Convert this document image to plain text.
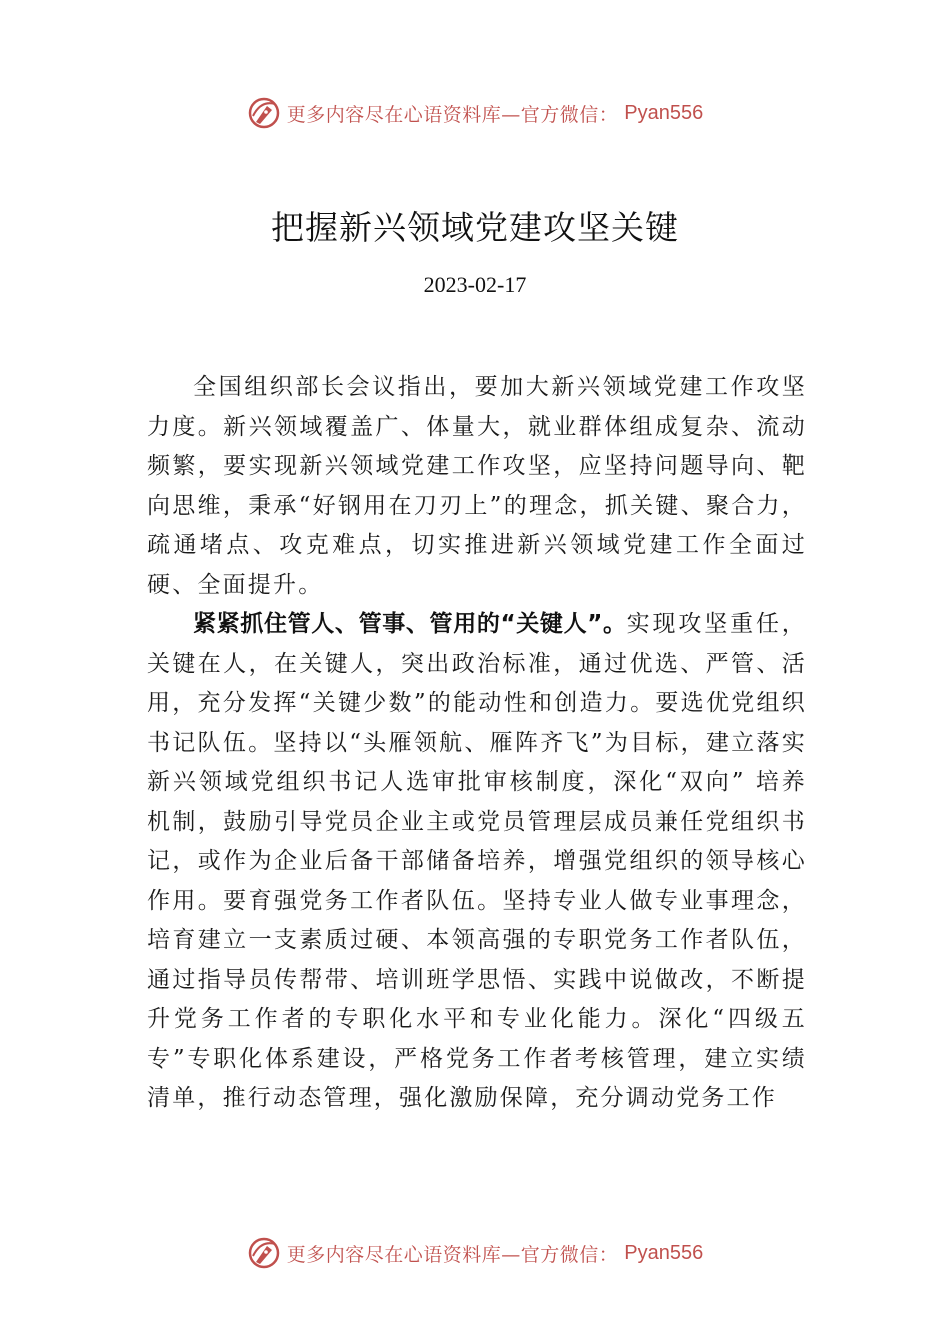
更多内容尽在心语资料库—官方微信： Pyan556
把握新兴领域党建攻坚关键
2023-02-17

全国组织部长会议指出，要加大新兴领域党建工作攻坚力度。新兴领域覆盖广、体量大，就业群体组成复杂、流动频繁，要实现新兴领域党建工作攻坚，应坚持问题导向、靶向思维，秉承“好钢用在刀刃上”的理念，抓关键、聚合力，疏通堵点、攻克难点，切实推进新兴领域党建工作全面过硬、全面提升。

紧紧抓住管人、管事、管用的“关键人”。实现攻坚重任，关键在人，在关键人，突出政治标准，通过优选、严管、活用，充分发挥“关键少数”的能动性和创造力。要选优党组织书记队伍。坚持以“头雁领航、雁阵齐飞”为目标，建立落实新兴领域党组织书记人选审批审核制度，深化“双向” 培养机制，鼓励引导党员企业主或党员管理层成员兼任党组织书记，或作为企业后备干部储备培养，增强党组织的领导核心作用。要育强党务工作者队伍。坚持专业人做专业事理念，培育建立一支素质过硬、本领高强的专职党务工作者队伍，通过指导员传帮带、培训班学思悟、实践中说做改，不断提升党务工作者的专职化水平和专业化能力。深化“四级五专”专职化体系建设，严格党务工作者考核管理，建立实绩清单，推行动态管理，强化激励保障，充分调动党务工作

更多内容尽在心语资料库—官方微信： Pyan556
